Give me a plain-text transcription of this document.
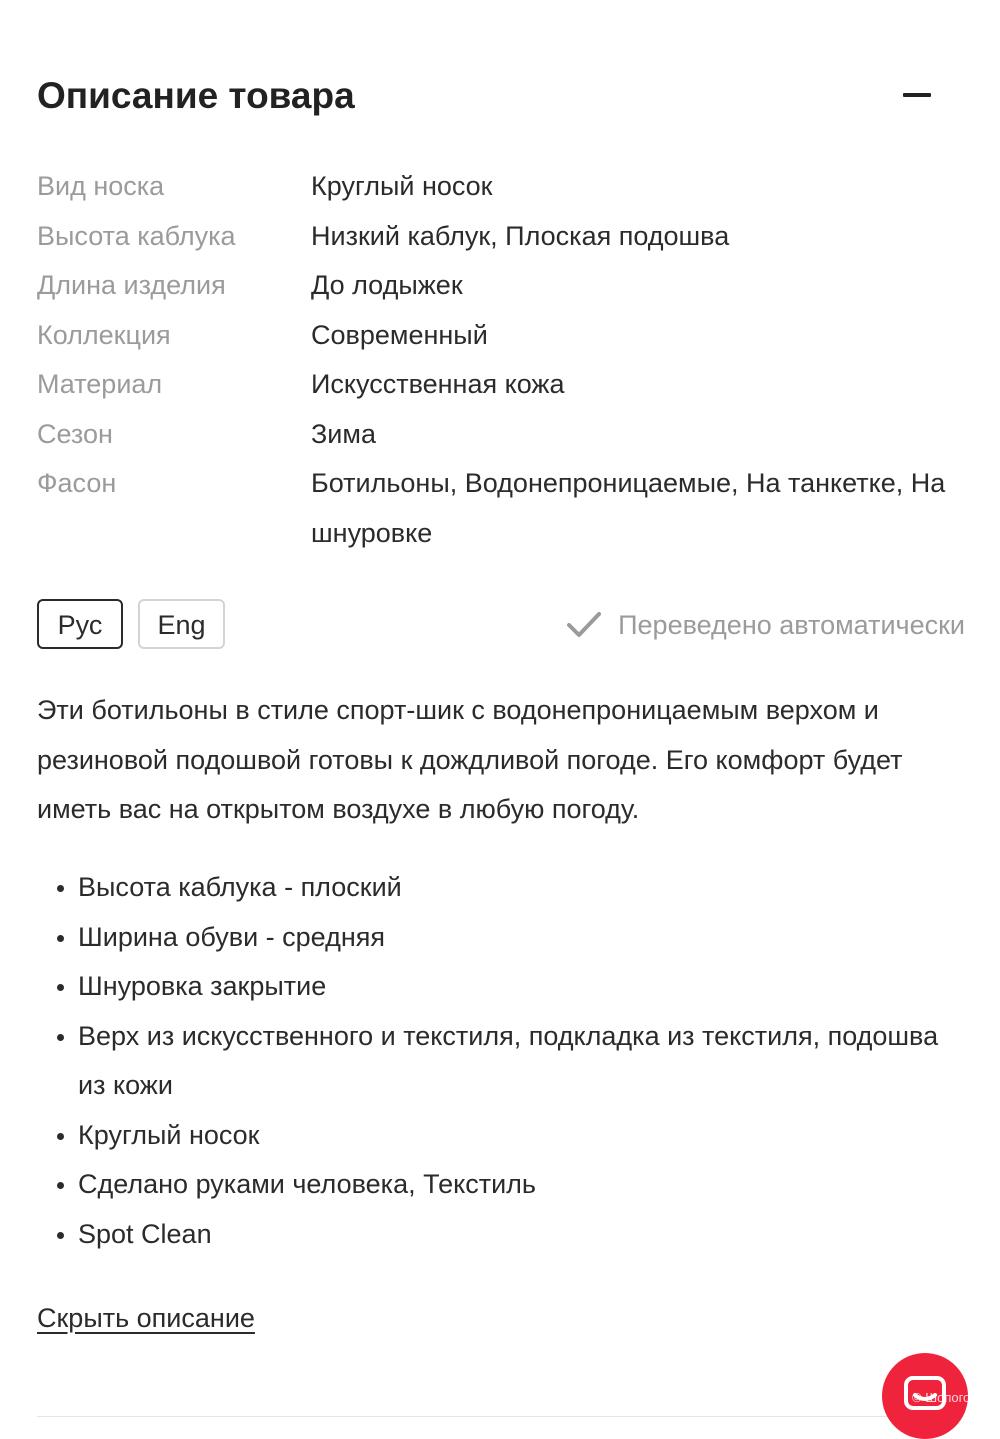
Описание товара
Вид носка	Круглый носок
Высота каблука	Низкий каблук, Плоская подошва
Длина изделия	До лодыжек
Коллекция	Современный
Материал	Искусственная кожа
Сезон	Зима
Фасон	Ботильоны, Водонепроницаемые, На танкетке, На шнуровке
Рус	Eng	Переведено автоматически

Эти ботильоны в стиле спорт-шик с водонепроницаемым верхом и резиновой подошвой готовы к дождливой погоде. Его комфорт будет иметь вас на открытом воздухе в любую погоду.

Высота каблука - плоский
Ширина обуви - средняя
Шнуровка закрытие
Верх из искусственного и текстиля, подкладка из текстиля, подошва из кожи
Круглый носок
Сделано руками человека, Текстиль
Spot Clean
Скрыть описание
© Шопоголик
